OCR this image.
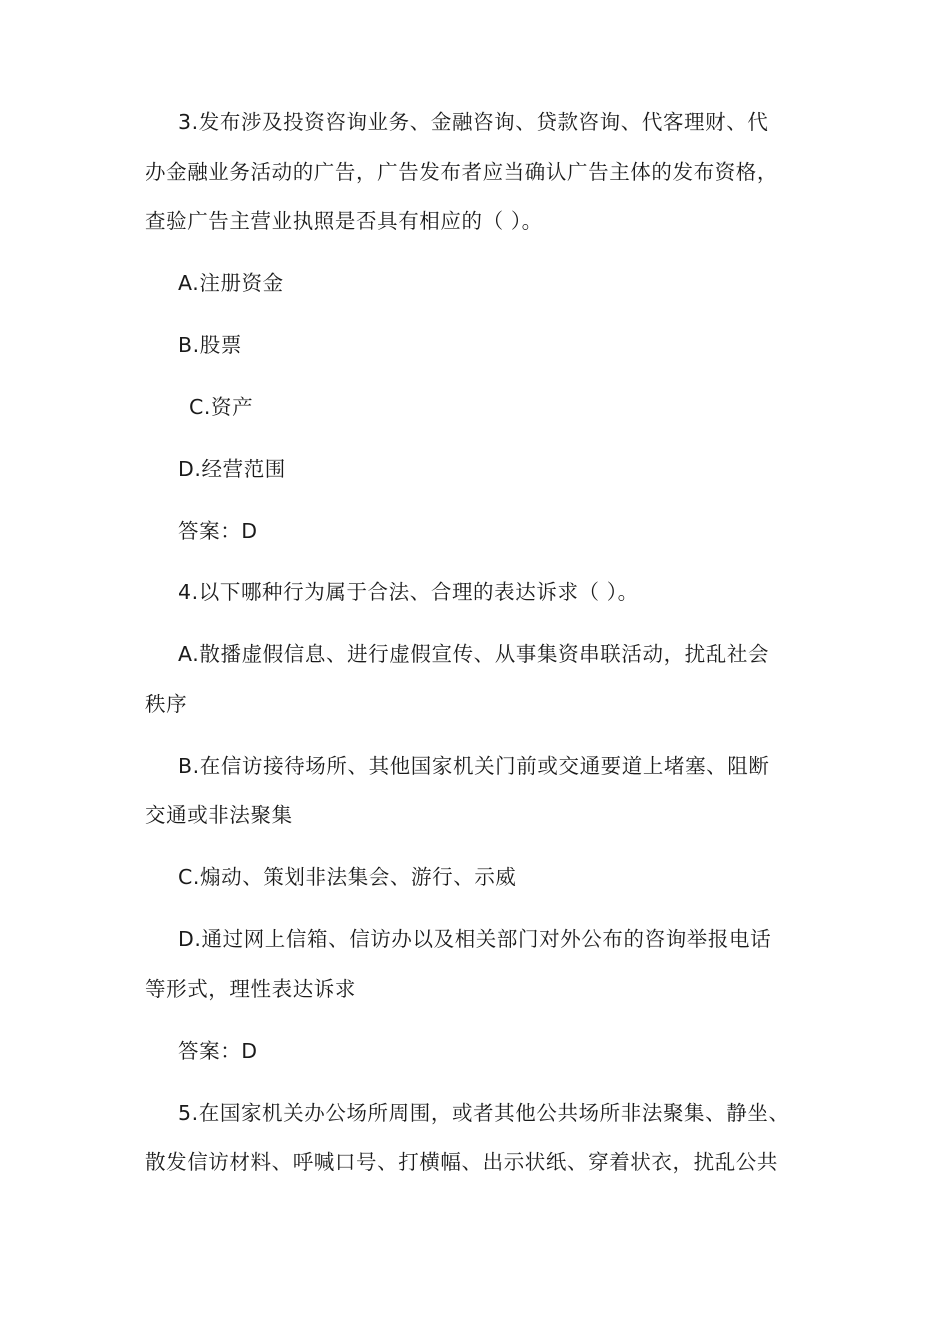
3.发布涉及投资咨询业务、金融咨询、贷款咨询、代客理财、代
办金融业务活动的广告，广告发布者应当确认广告主体的发布资格，
查验广告主营业执照是否具有相应的（ ）。
A.注册资金
B.股票
C.资产
D.经营范围
答案：D
4.以下哪种行为属于合法、合理的表达诉求（ ）。
A.散播虚假信息、进行虚假宣传、从事集资串联活动，扰乱社会
秩序
B.在信访接待场所、其他国家机关门前或交通要道上堵塞、阻断
交通或非法聚集
C.煽动、策划非法集会、游行、示威
D.通过网上信箱、信访办以及相关部门对外公布的咨询举报电话
等形式，理性表达诉求
答案：D
5.在国家机关办公场所周围，或者其他公共场所非法聚集、静坐、
散发信访材料、呼喊口号、打横幅、出示状纸、穿着状衣，扰乱公共
